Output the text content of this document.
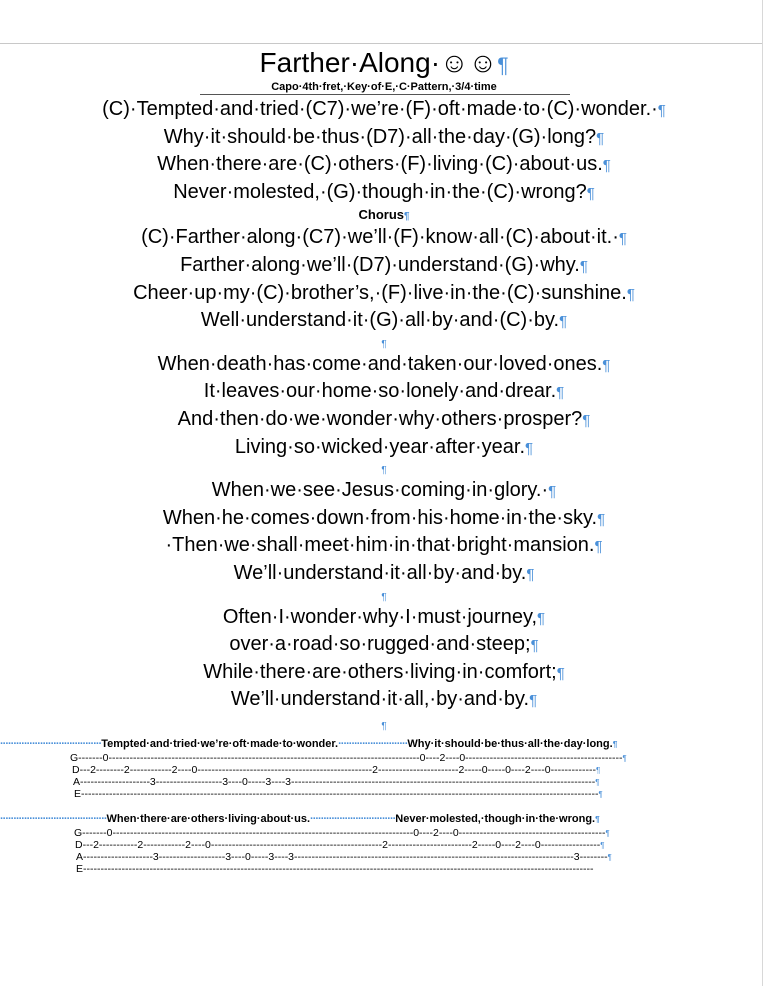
Farther·Along·☺☺¶
Capo·4th·fret,·Key·of·E,·C·Pattern,·3/4·time
(C)·Tempted·and·tried·(C7)·we’re·(F)·oft·made·to·(C)·wonder.·¶
Why·it·should·be·thus·(D7)·all·the·day·(G)·long?¶
When·there·are·(C)·others·(F)·living·(C)·about·us.¶
Never·molested,·(G)·though·in·the·(C)·wrong?¶
Chorus¶
(C)·Farther·along·(C7)·we’ll·(F)·know·all·(C)·about·it.·¶
Farther·along·we’ll·(D7)·understand·(G)·why.¶
Cheer·up·my·(C)·brother’s,·(F)·live·in·the·(C)·sunshine.¶
Well·understand·it·(G)·all·by·and·(C)·by.¶
¶
When·death·has·come·and·taken·our·loved·ones.¶
It·leaves·our·home·so·lonely·and·drear.¶
And·then·do·we·wonder·why·others·prosper?¶
Living·so·wicked·year·after·year.¶
¶
When·we·see·Jesus·coming·in·glory.·¶
When·he·comes·down·from·his·home·in·the·sky.¶
·Then·we·shall·meet·him·in·that·bright·mansion.¶
We’ll·understand·it·all·by·and·by.¶
¶
Often·I·wonder·why·I·must·journey,¶
over·a·road·so·rugged·and·steep;¶
While·there·are·others·living·in·comfort;¶
We’ll·understand·it·all,·by·and·by.¶
¶
······································Tempted·and·tried·we’re·oft·made·to·wonder.··························Why·it·should·be·thus·all·the·day·long.¶
G-------0-----------------------------------------------------------------------------------------0----2----0---------------------------------------------¶
D---2--------2------------2----0--------------------------------------------------2-----------------------2-----0-----0----2----0-------------¶
A--------------------3-------------------3----0-----3----3---------------------------------------------------------------------------------------¶
E----------------------------------------------------------------------------------------------------------------------------------------------------¶
········································When·there·are·others·living·about·us.································Never·molested,·though·in·the·wrong.¶
G-------0--------------------------------------------------------------------------------------0----2----0------------------------------------------¶
D---2-----------2------------2----0-------------------------------------------------2------------------------2-----0----2----0-----------------¶
A--------------------3-------------------3----0-----3----3--------------------------------------------------------------------------------3--------¶
E--------------------------------------------------------------------------------------------------------------------------------------------------
